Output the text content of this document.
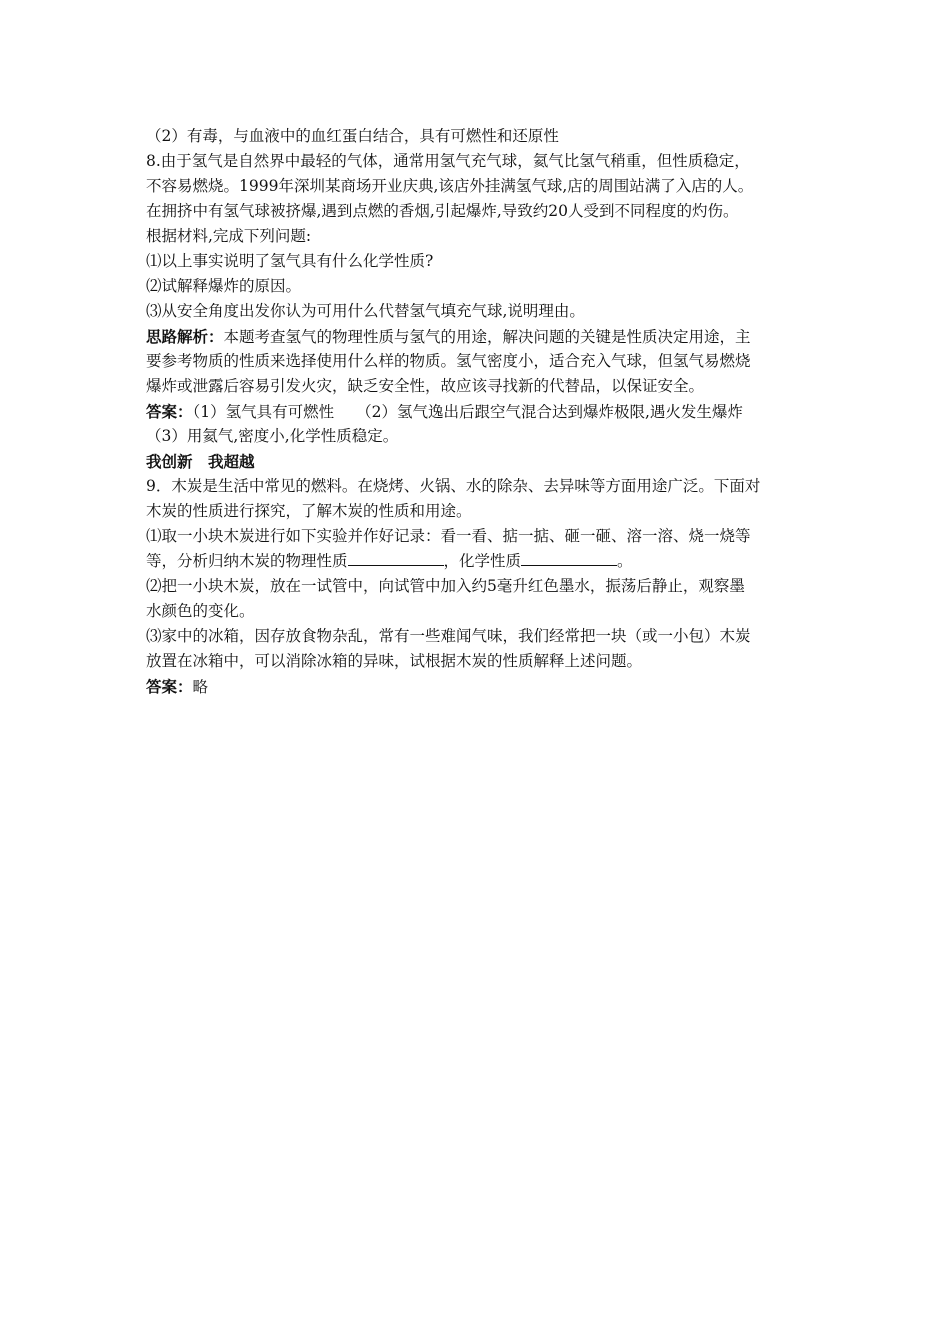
（2）有毒，与血液中的血红蛋白结合，具有可燃性和还原性
8.由于氢气是自然界中最轻的气体，通常用氢气充气球，氦气比氢气稍重，但性质稳定，
不容易燃烧。1999年深圳某商场开业庆典,该店外挂满氢气球,店的周围站满了入店的人。
在拥挤中有氢气球被挤爆,遇到点燃的香烟,引起爆炸,导致约20人受到不同程度的灼伤。
根据材料,完成下列问题:
⑴以上事实说明了氢气具有什么化学性质?
⑵试解释爆炸的原因。
⑶从安全角度出发你认为可用什么代替氢气填充气球,说明理由。
思路解析：本题考查氢气的物理性质与氢气的用途，解决问题的关键是性质决定用途，主
要参考物质的性质来选择使用什么样的物质。氢气密度小，适合充入气球，但氢气易燃烧
爆炸或泄露后容易引发火灾，缺乏安全性，故应该寻找新的代替品，以保证安全。
答案：（1）氢气具有可燃性 （2）氢气逸出后跟空气混合达到爆炸极限,遇火发生爆炸
（3）用氦气,密度小,化学性质稳定。
我创新　我超越
9．木炭是生活中常见的燃料。在烧烤、火锅、水的除杂、去异味等方面用途广泛。下面对
木炭的性质进行探究，了解木炭的性质和用途。
⑴取一小块木炭进行如下实验并作好记录：看一看、掂一掂、砸一砸、溶一溶、烧一烧等
等，分析归纳木炭的物理性质	，化学性质	。
⑵把一小块木炭，放在一试管中，向试管中加入约5毫升红色墨水，振荡后静止，观察墨
水颜色的变化。
⑶家中的冰箱，因存放食物杂乱，常有一些难闻气味，我们经常把一块（或一小包）木炭
放置在冰箱中，可以消除冰箱的异味，试根据木炭的性质解释上述问题。
答案：略
